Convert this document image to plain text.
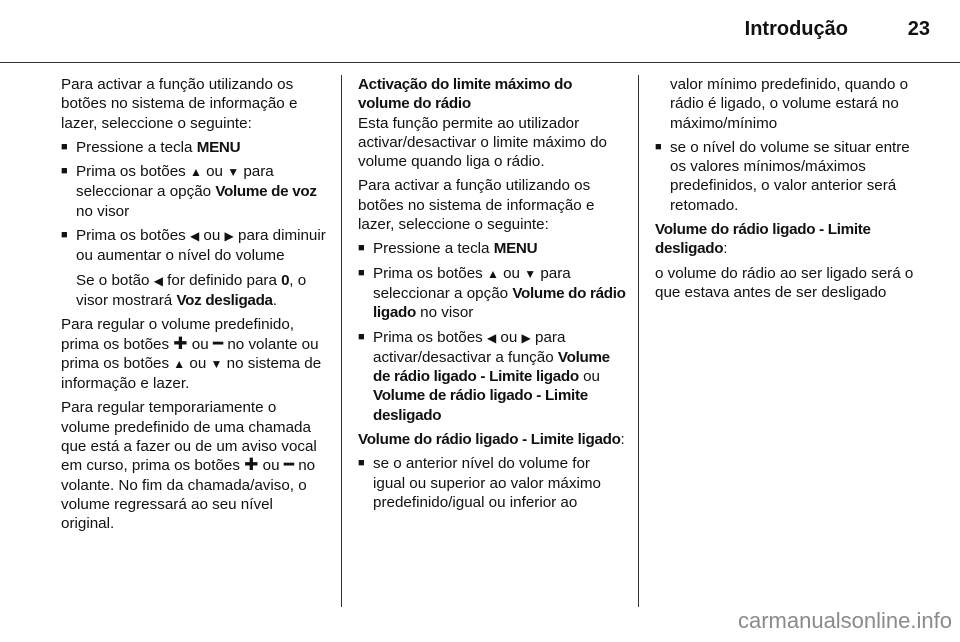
Introdução	23

Para activar a função utilizando os botões no sistema de informação e lazer, seleccione o seguinte:

■ Pressione a tecla MENU
■ Prima os botões ▲ ou ▼ para seleccionar a opção Volume de voz no visor
■ Prima os botões ◀ ou ▶ para diminuir ou aumentar o nível do volume
Se o botão ◀ for definido para 0, o visor mostrará Voz desligada.

Para regular o volume predefinido, prima os botões ✚ ou ━ no volante ou prima os botões ▲ ou ▼ no sistema de informação e lazer.

Para regular temporariamente o volume predefinido de uma chamada que está a fazer ou de um aviso vocal em curso, prima os botões ✚ ou ━ no volante. No fim da chamada/aviso, o volume regressará ao seu nível original.

Activação do limite máximo do volume do rádio

Esta função permite ao utilizador activar/desactivar o limite máximo do volume quando liga o rádio.

Para activar a função utilizando os botões no sistema de informação e lazer, seleccione o seguinte:

■ Pressione a tecla MENU
■ Prima os botões ▲ ou ▼ para seleccionar a opção Volume do rádio ligado no visor
■ Prima os botões ◀ ou ▶ para activar/desactivar a função Volume de rádio ligado - Limite ligado ou Volume de rádio ligado - Limite desligado

Volume do rádio ligado - Limite ligado:

■ se o anterior nível do volume for igual ou superior ao valor máximo predefinido/igual ou inferior ao
valor mínimo predefinido, quando o rádio é ligado, o volume estará no máximo/mínimo
■ se o nível do volume se situar entre os valores mínimos/máximos predefinidos, o valor anterior será retomado.

Volume do rádio ligado - Limite desligado:

o volume do rádio ao ser ligado será o que estava antes de ser desligado

carmanualsonline.info
